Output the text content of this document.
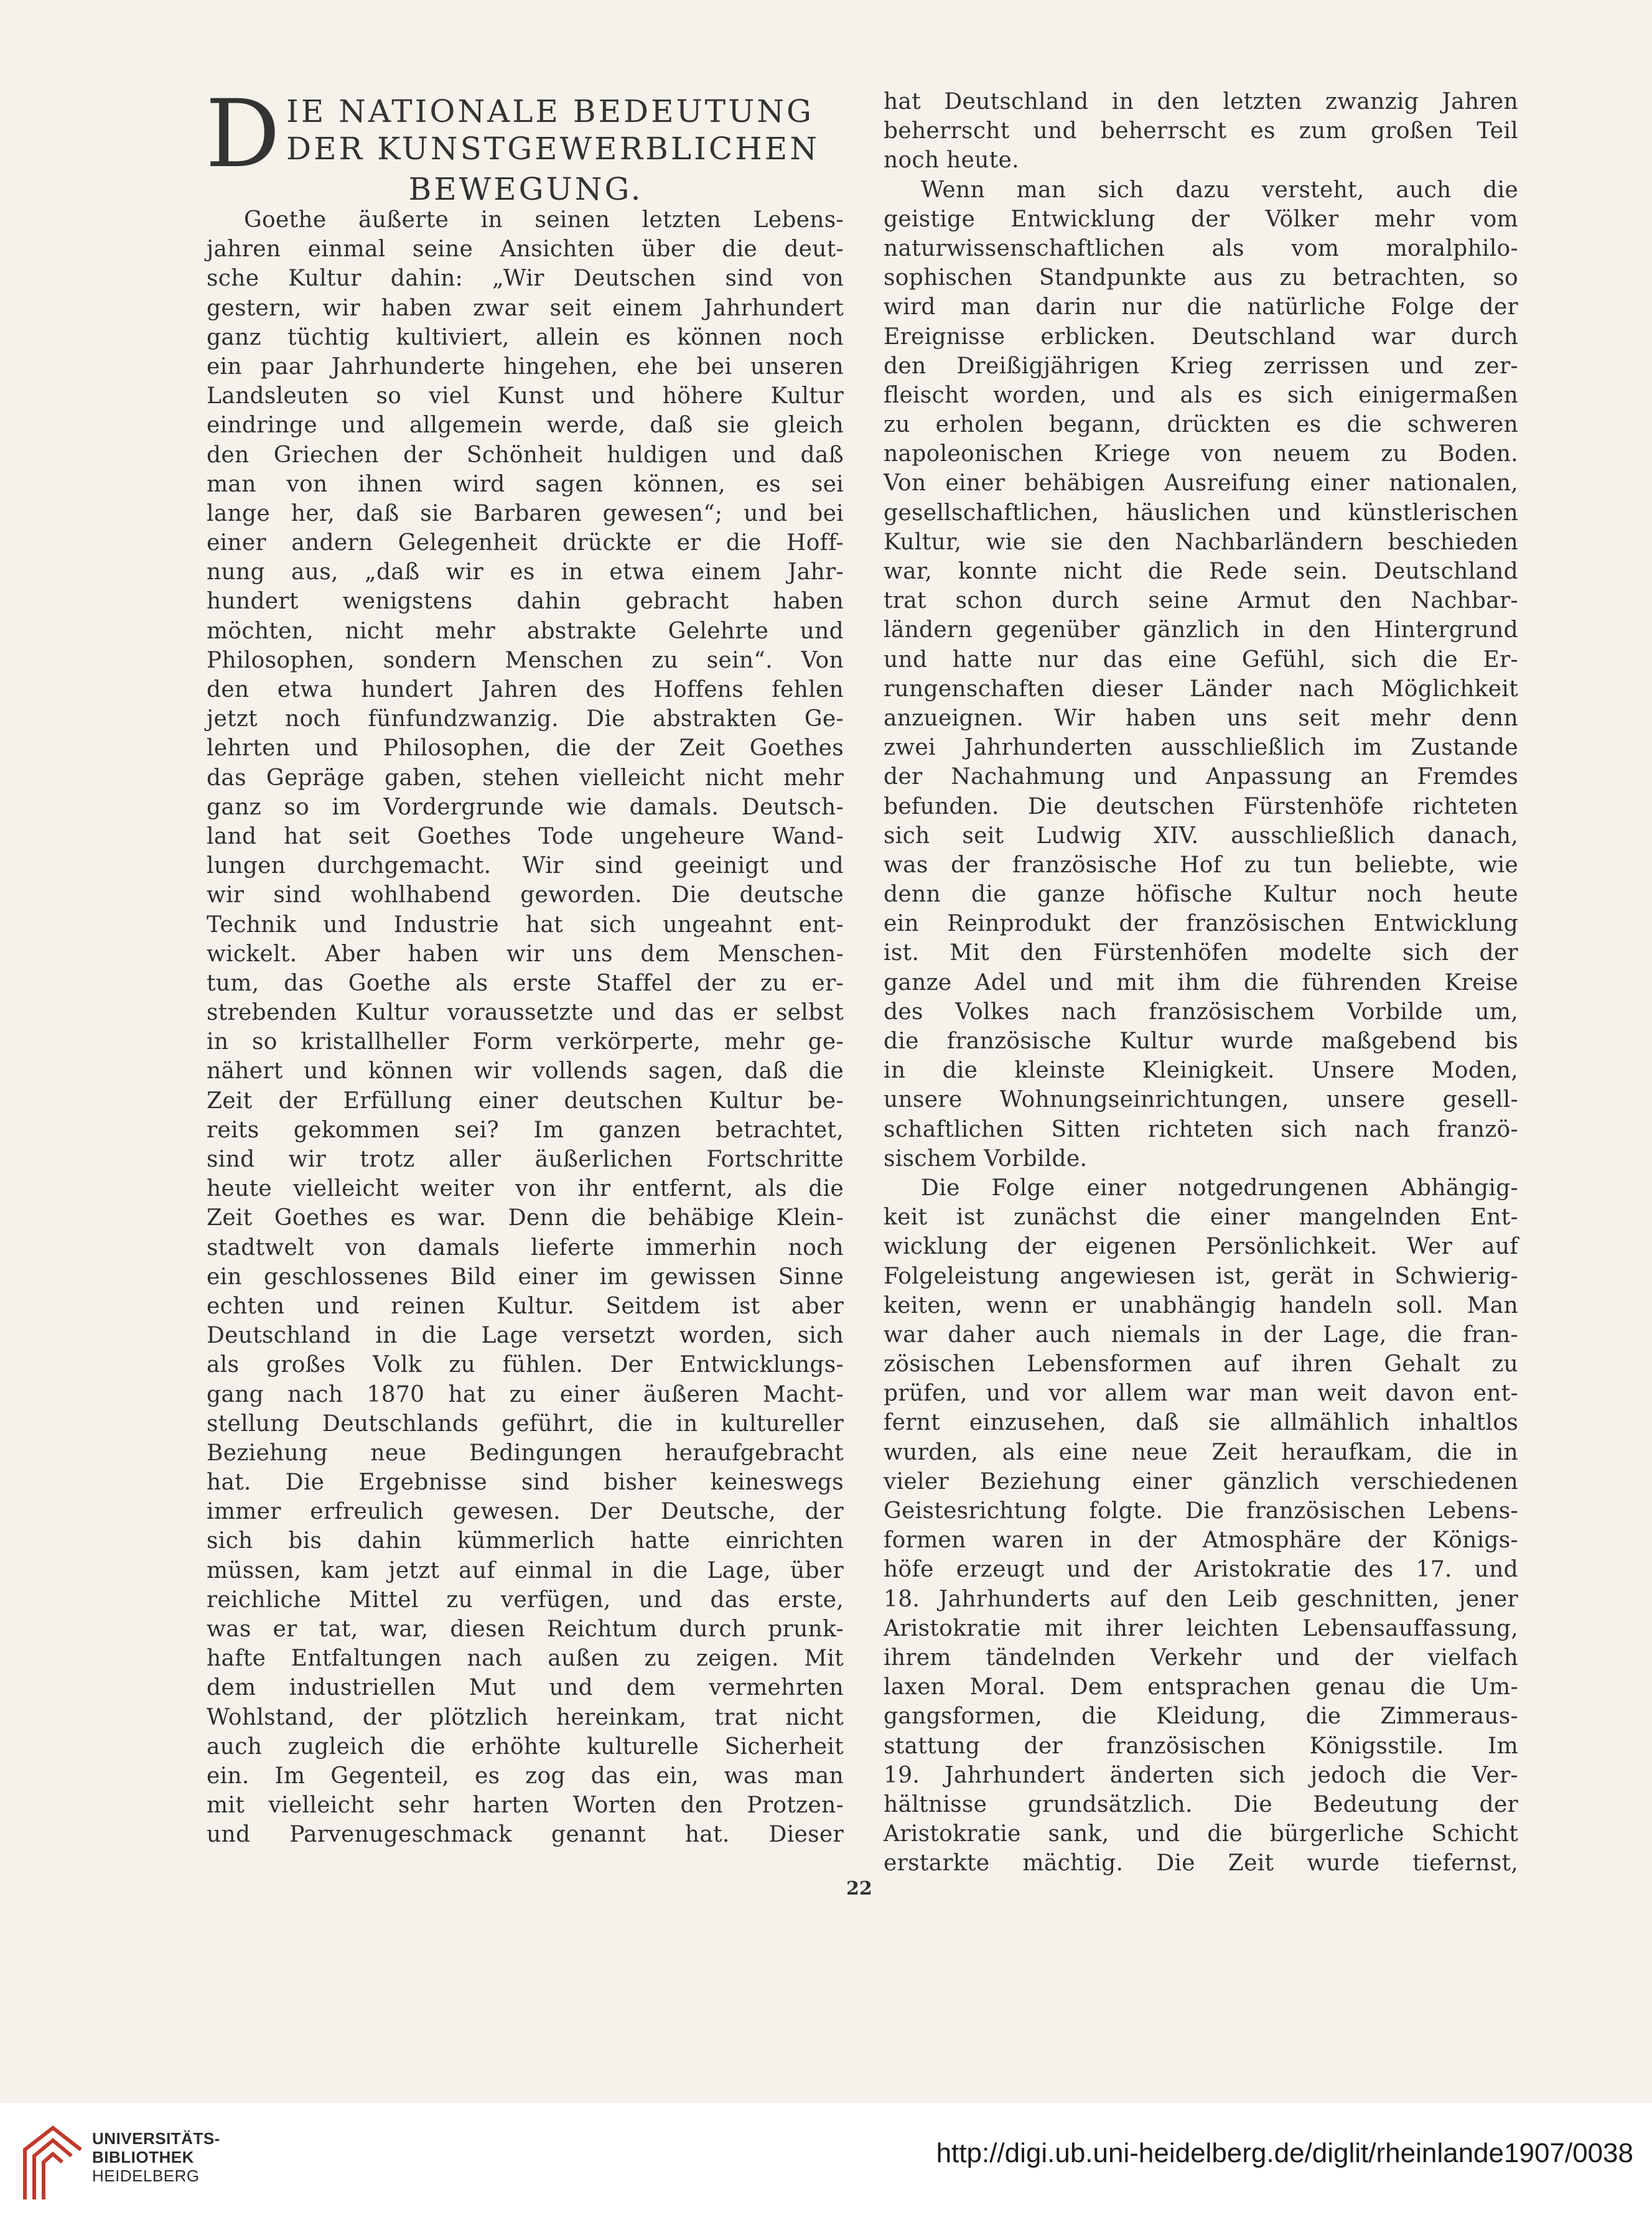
D IE NATIONALE BEDEUTUNG
DER KUNSTGEWERBLICHEN
BEWEGUNG.
Goethe äußerte in seinen letzten Lebens-
jahren einmal seine Ansichten über die deut-
sche Kultur dahin: „Wir Deutschen sind von
gestern, wir haben zwar seit einem Jahrhundert
ganz tüchtig kultiviert, allein es können noch
ein paar Jahrhunderte hingehen, ehe bei unseren
Landsleuten so viel Kunst und höhere Kultur
eindringe und allgemein werde, daß sie gleich
den Griechen der Schönheit huldigen und daß
man von ihnen wird sagen können, es sei
lange her, daß sie Barbaren gewesen“; und bei
einer andern Gelegenheit drückte er die Hoff-
nung aus, „daß wir es in etwa einem Jahr-
hundert wenigstens dahin gebracht haben
möchten, nicht mehr abstrakte Gelehrte und
Philosophen, sondern Menschen zu sein“. Von
den etwa hundert Jahren des Hoffens fehlen
jetzt noch fünfundzwanzig. Die abstrakten Ge-
lehrten und Philosophen, die der Zeit Goethes
das Gepräge gaben, stehen vielleicht nicht mehr
ganz so im Vordergrunde wie damals. Deutsch-
land hat seit Goethes Tode ungeheure Wand-
lungen durchgemacht. Wir sind geeinigt und
wir sind wohlhabend geworden. Die deutsche
Technik und Industrie hat sich ungeahnt ent-
wickelt. Aber haben wir uns dem Menschen-
tum, das Goethe als erste Staffel der zu er-
strebenden Kultur voraussetzte und das er selbst
in so kristallheller Form verkörperte, mehr ge-
nähert und können wir vollends sagen, daß die
Zeit der Erfüllung einer deutschen Kultur be-
reits gekommen sei? Im ganzen betrachtet,
sind wir trotz aller äußerlichen Fortschritte
heute vielleicht weiter von ihr entfernt, als die
Zeit Goethes es war. Denn die behäbige Klein-
stadtwelt von damals lieferte immerhin noch
ein geschlossenes Bild einer im gewissen Sinne
echten und reinen Kultur. Seitdem ist aber
Deutschland in die Lage versetzt worden, sich
als großes Volk zu fühlen. Der Entwicklungs-
gang nach 1870 hat zu einer äußeren Macht-
stellung Deutschlands geführt, die in kultureller
Beziehung neue Bedingungen heraufgebracht
hat. Die Ergebnisse sind bisher keineswegs
immer erfreulich gewesen. Der Deutsche, der
sich bis dahin kümmerlich hatte einrichten
müssen, kam jetzt auf einmal in die Lage, über
reichliche Mittel zu verfügen, und das erste,
was er tat, war, diesen Reichtum durch prunk-
hafte Entfaltungen nach außen zu zeigen. Mit
dem industriellen Mut und dem vermehrten
Wohlstand, der plötzlich hereinkam, trat nicht
auch zugleich die erhöhte kulturelle Sicherheit
ein. Im Gegenteil, es zog das ein, was man
mit vielleicht sehr harten Worten den Protzen-
und Parvenugeschmack genannt hat. Dieser
hat Deutschland in den letzten zwanzig Jahren
beherrscht und beherrscht es zum großen Teil
noch heute.
Wenn man sich dazu versteht, auch die
geistige Entwicklung der Völker mehr vom
naturwissenschaftlichen als vom moralphilo-
sophischen Standpunkte aus zu betrachten, so
wird man darin nur die natürliche Folge der
Ereignisse erblicken. Deutschland war durch
den Dreißigjährigen Krieg zerrissen und zer-
fleischt worden, und als es sich einigermaßen
zu erholen begann, drückten es die schweren
napoleonischen Kriege von neuem zu Boden.
Von einer behäbigen Ausreifung einer nationalen,
gesellschaftlichen, häuslichen und künstlerischen
Kultur, wie sie den Nachbarländern beschieden
war, konnte nicht die Rede sein. Deutschland
trat schon durch seine Armut den Nachbar-
ländern gegenüber gänzlich in den Hintergrund
und hatte nur das eine Gefühl, sich die Er-
rungenschaften dieser Länder nach Möglichkeit
anzueignen. Wir haben uns seit mehr denn
zwei Jahrhunderten ausschließlich im Zustande
der Nachahmung und Anpassung an Fremdes
befunden. Die deutschen Fürstenhöfe richteten
sich seit Ludwig XIV. ausschließlich danach,
was der französische Hof zu tun beliebte, wie
denn die ganze höfische Kultur noch heute
ein Reinprodukt der französischen Entwicklung
ist. Mit den Fürstenhöfen modelte sich der
ganze Adel und mit ihm die führenden Kreise
des Volkes nach französischem Vorbilde um,
die französische Kultur wurde maßgebend bis
in die kleinste Kleinigkeit. Unsere Moden,
unsere Wohnungseinrichtungen, unsere gesell-
schaftlichen Sitten richteten sich nach franzö-
sischem Vorbilde.
Die Folge einer notgedrungenen Abhängig-
keit ist zunächst die einer mangelnden Ent-
wicklung der eigenen Persönlichkeit. Wer auf
Folgeleistung angewiesen ist, gerät in Schwierig-
keiten, wenn er unabhängig handeln soll. Man
war daher auch niemals in der Lage, die fran-
zösischen Lebensformen auf ihren Gehalt zu
prüfen, und vor allem war man weit davon ent-
fernt einzusehen, daß sie allmählich inhaltlos
wurden, als eine neue Zeit heraufkam, die in
vieler Beziehung einer gänzlich verschiedenen
Geistesrichtung folgte. Die französischen Lebens-
formen waren in der Atmosphäre der Königs-
höfe erzeugt und der Aristokratie des 17. und
18. Jahrhunderts auf den Leib geschnitten, jener
Aristokratie mit ihrer leichten Lebensauffassung,
ihrem tändelnden Verkehr und der vielfach
laxen Moral. Dem entsprachen genau die Um-
gangsformen, die Kleidung, die Zimmeraus-
stattung der französischen Königsstile. Im
19. Jahrhundert änderten sich jedoch die Ver-
hältnisse grundsätzlich. Die Bedeutung der
Aristokratie sank, und die bürgerliche Schicht
erstarkte mächtig. Die Zeit wurde tiefernst,
22
UNIVERSITÄTS-
BIBLIOTHEK
HEIDELBERG
http://digi.ub.uni-heidelberg.de/diglit/rheinlande1907/0038
